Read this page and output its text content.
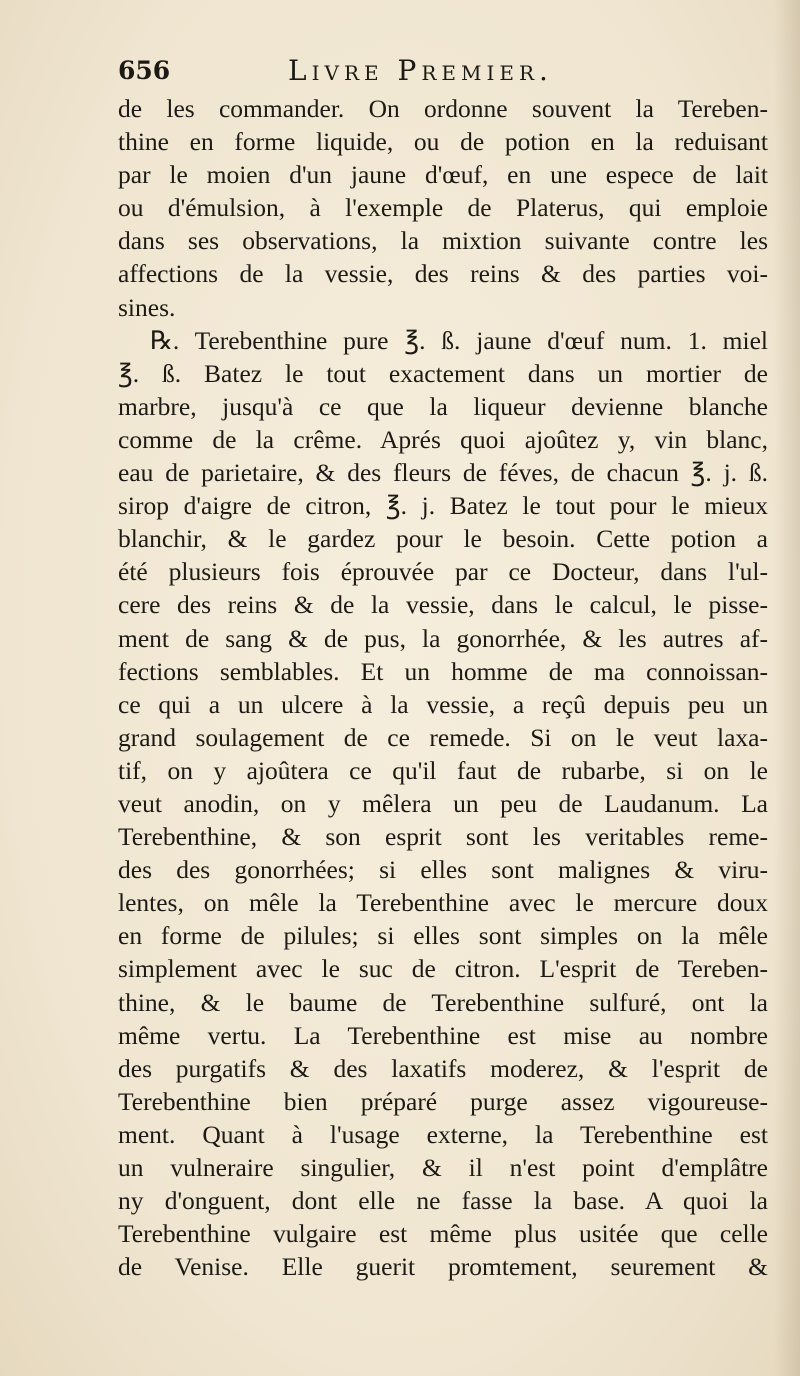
656	Livre Premier.
de les commander. On ordonne souvent la Tereben-
thine en forme liquide, ou de potion en la reduisant
par le moien d'un jaune d'œuf, en une espece de lait
ou d'émulsion, à l'exemple de Platerus, qui emploie
dans ses observations, la mixtion suivante contre les
affections de la vessie, des reins & des parties voi-
sines.
℞. Terebenthine pure ℥. ß. jaune d'œuf num. 1. miel
℥. ß. Batez le tout exactement dans un mortier de
marbre, jusqu'à ce que la liqueur devienne blanche
comme de la crême. Aprés quoi ajoûtez y, vin blanc,
eau de parietaire, & des fleurs de féves, de chacun ℥. j. ß.
sirop d'aigre de citron, ℥. j. Batez le tout pour le mieux
blanchir, & le gardez pour le besoin. Cette potion a
été plusieurs fois éprouvée par ce Docteur, dans l'ul-
cere des reins & de la vessie, dans le calcul, le pisse-
ment de sang & de pus, la gonorrhée, & les autres af-
fections semblables. Et un homme de ma connoissan-
ce qui a un ulcere à la vessie, a reçû depuis peu un
grand soulagement de ce remede. Si on le veut laxa-
tif, on y ajoûtera ce qu'il faut de rubarbe, si on le
veut anodin, on y mêlera un peu de Laudanum. La
Terebenthine, & son esprit sont les veritables reme-
des des gonorrhées; si elles sont malignes & viru-
lentes, on mêle la Terebenthine avec le mercure doux
en forme de pilules; si elles sont simples on la mêle
simplement avec le suc de citron. L'esprit de Tereben-
thine, & le baume de Terebenthine sulfuré, ont la
même vertu. La Terebenthine est mise au nombre
des purgatifs & des laxatifs moderez, & l'esprit de
Terebenthine bien préparé purge assez vigoureuse-
ment. Quant à l'usage externe, la Terebenthine est
un vulneraire singulier, & il n'est point d'emplâtre
ny d'onguent, dont elle ne fasse la base. A quoi la
Terebenthine vulgaire est même plus usitée que celle
de Venise. Elle guerit promtement, seurement &
